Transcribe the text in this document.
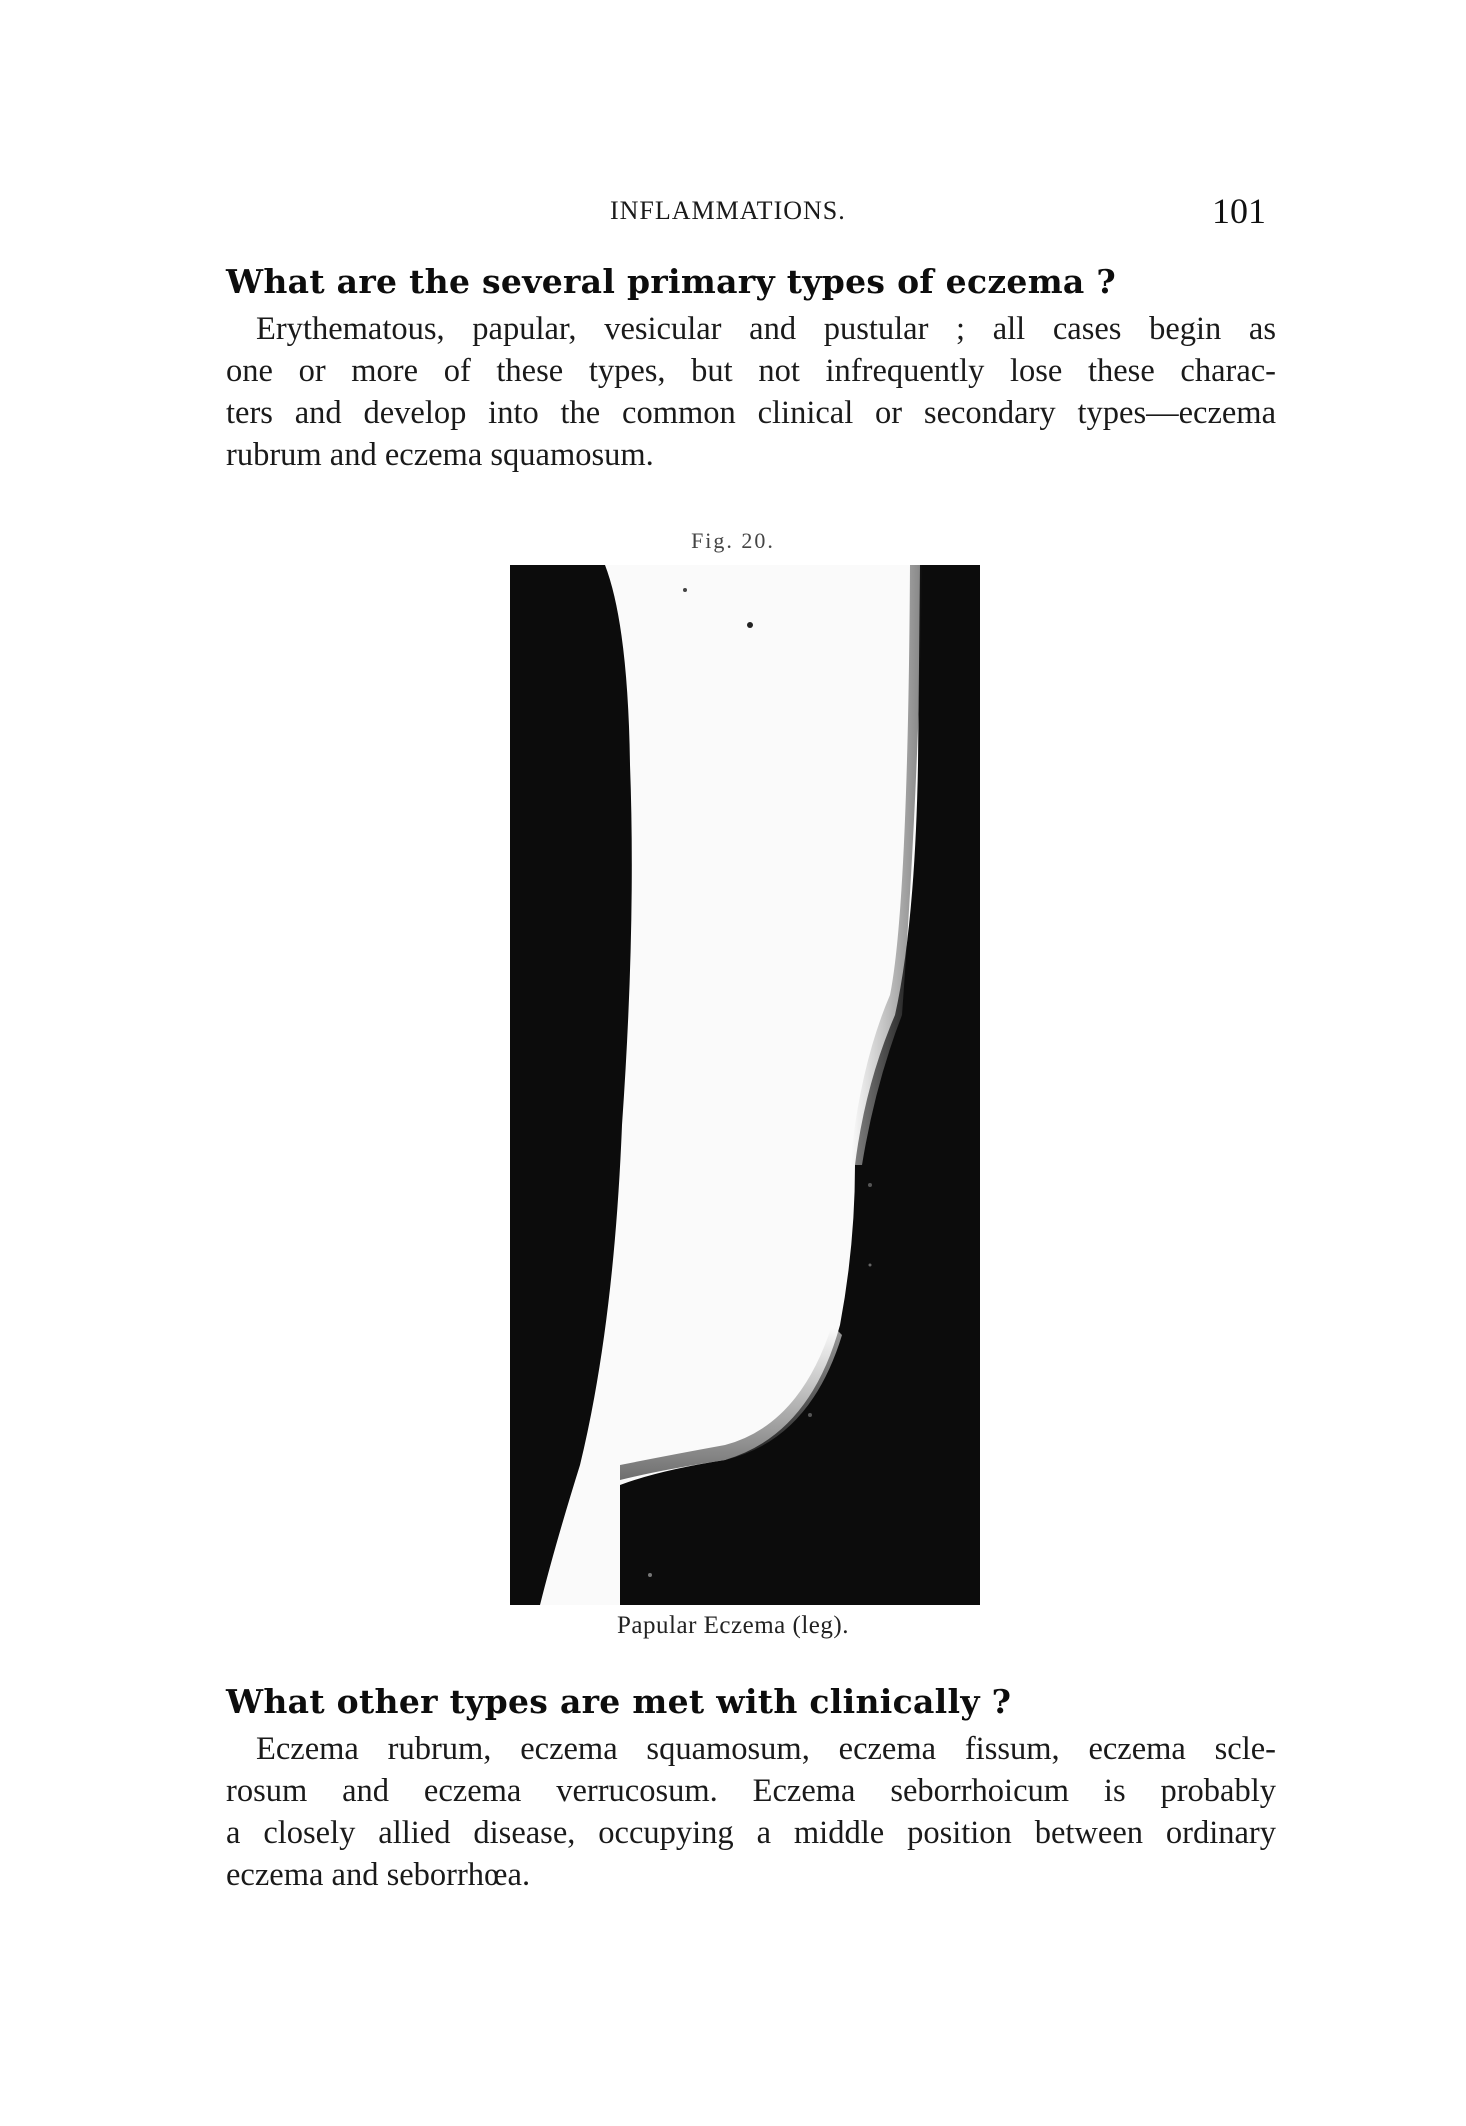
INFLAMMATIONS.	101
What are the several primary types of eczema ?
Erythematous, papular, vesicular and pustular ; all cases begin as
one or more of these types, but not infrequently lose these charac-
ters and develop into the common clinical or secondary types—eczema
rubrum and eczema squamosum.
Fig. 20.
Papular Eczema (leg).
What other types are met with clinically ?
Eczema rubrum, eczema squamosum, eczema fissum, eczema scle-
rosum and eczema verrucosum. Eczema seborrhoicum is probably
a closely allied disease, occupying a middle position between ordinary
eczema and seborrhœa.
